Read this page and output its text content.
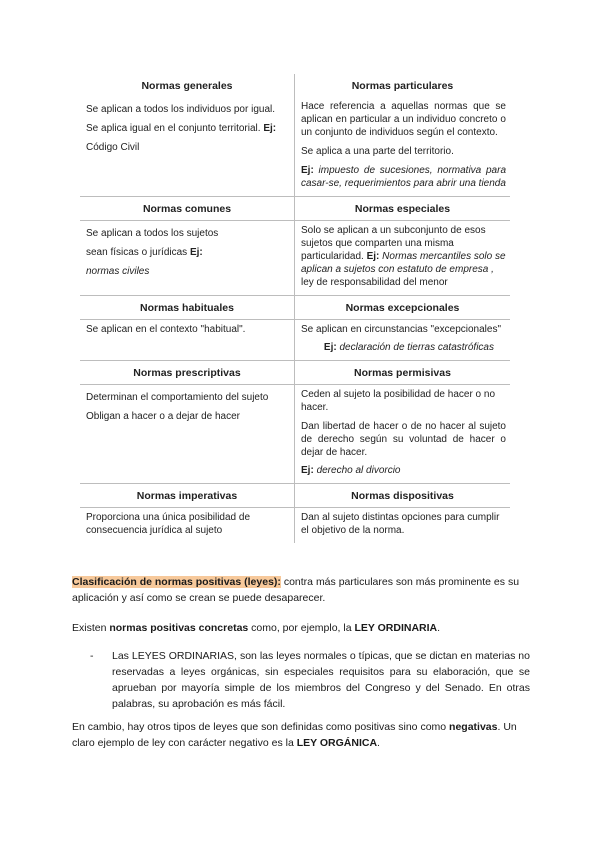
Normas generales
Se aplican a todos los individuos por igual. Se aplica igual en el conjunto territorial. Ej: Código Civil
Normas particulares
Hace referencia a aquellas normas que se aplican en particular a un individuo concreto o un conjunto de individuos según el contexto.
Se aplica a una parte del territorio.
Ej: impuesto de sucesiones, normativa para casar-se, requerimientos para abrir una tienda
Normas comunes
Se aplican a todos los sujetos sean físicas o jurídicas Ej: normas civiles
Normas especiales
Solo se aplican a un subconjunto de esos sujetos que comparten una misma particularidad. Ej: Normas mercantiles solo se aplican a sujetos con estatuto de empresa , ley de responsabilidad del menor
Normas habituales
Se aplican en el contexto "habitual".
Normas excepcionales
Se aplican en circunstancias "excepcionales"
Ej: declaración de tierras catastróficas
Normas prescriptivas
Determinan el comportamiento del sujeto
Obligan a hacer o a dejar de hacer
Normas permisivas
Ceden al sujeto la posibilidad de hacer o no hacer.
Dan libertad de hacer o de no hacer al sujeto de derecho según su voluntad de hacer o dejar de hacer.
Ej: derecho al divorcio
Normas imperativas
Proporciona una única posibilidad de consecuencia jurídica al sujeto
Normas dispositivas
Dan al sujeto distintas opciones para cumplir el objetivo de la norma.
Clasificación de normas positivas (leyes): contra más particulares son más prominente es su aplicación y así como se crean se puede desaparecer.
Existen normas positivas concretas como, por ejemplo, la LEY ORDINARIA.
-	Las LEYES ORDINARIAS, son las leyes normales o típicas, que se dictan en materias no reservadas a leyes orgánicas, sin especiales requisitos para su elaboración, que se aprueban por mayoría simple de los miembros del Congreso y del Senado. En otras palabras, su aprobación es más fácil.
En cambio, hay otros tipos de leyes que son definidas como positivas sino como negativas. Un claro ejemplo de ley con carácter negativo es la LEY ORGÁNICA.
